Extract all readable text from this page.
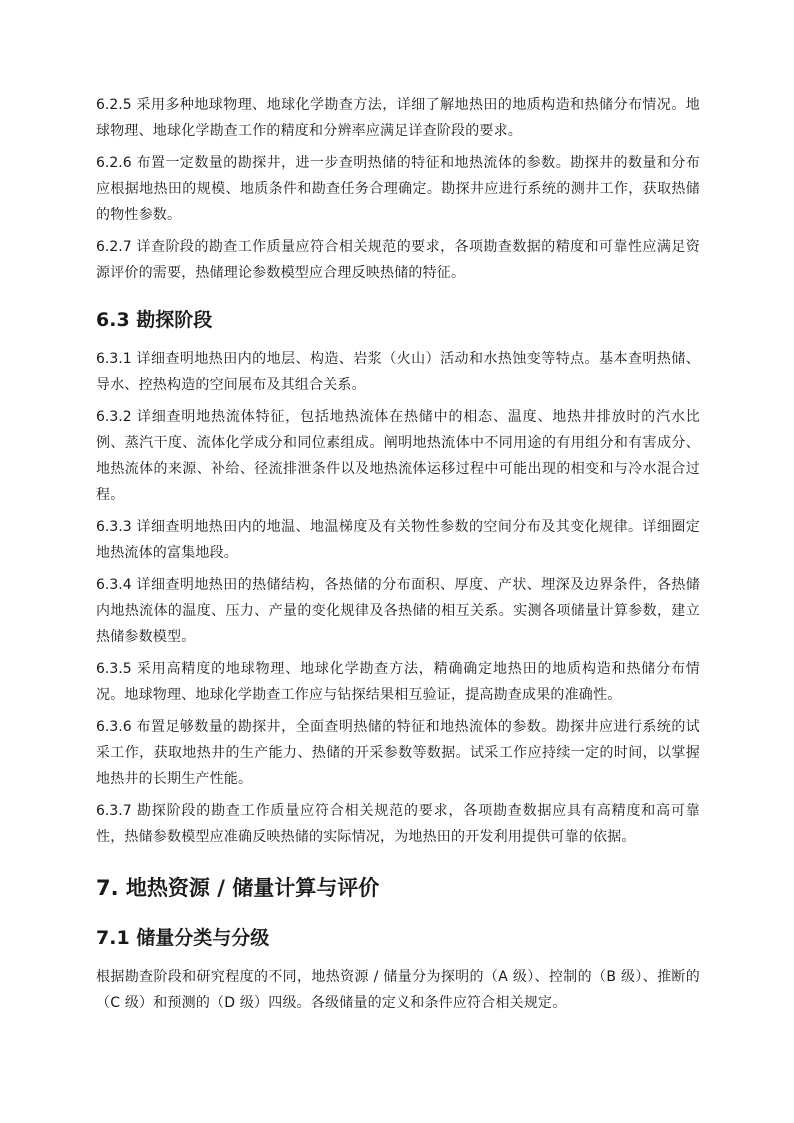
6.2.5 采用多种地球物理、地球化学勘查方法，详细了解地热田的地质构造和热储分布情况。地球物理、地球化学勘查工作的精度和分辨率应满足详查阶段的要求。

6.2.6 布置一定数量的勘探井，进一步查明热储的特征和地热流体的参数。勘探井的数量和分布应根据地热田的规模、地质条件和勘查任务合理确定。勘探井应进行系统的测井工作，获取热储的物性参数。

6.2.7 详查阶段的勘查工作质量应符合相关规范的要求，各项勘查数据的精度和可靠性应满足资源评价的需要，热储理论参数模型应合理反映热储的特征。

6.3 勘探阶段

6.3.1 详细查明地热田内的地层、构造、岩浆（火山）活动和水热蚀变等特点。基本查明热储、导水、控热构造的空间展布及其组合关系。

6.3.2 详细查明地热流体特征，包括地热流体在热储中的相态、温度、地热井排放时的汽水比例、蒸汽干度、流体化学成分和同位素组成。阐明地热流体中不同用途的有用组分和有害成分、地热流体的来源、补给、径流排泄条件以及地热流体运移过程中可能出现的相变和与冷水混合过程。

6.3.3 详细查明地热田内的地温、地温梯度及有关物性参数的空间分布及其变化规律。详细圈定地热流体的富集地段。

6.3.4 详细查明地热田的热储结构，各热储的分布面积、厚度、产状、埋深及边界条件，各热储内地热流体的温度、压力、产量的变化规律及各热储的相互关系。实测各项储量计算参数，建立热储参数模型。

6.3.5 采用高精度的地球物理、地球化学勘查方法，精确确定地热田的地质构造和热储分布情况。地球物理、地球化学勘查工作应与钻探结果相互验证，提高勘查成果的准确性。

6.3.6 布置足够数量的勘探井，全面查明热储的特征和地热流体的参数。勘探井应进行系统的试采工作，获取地热井的生产能力、热储的开采参数等数据。试采工作应持续一定的时间，以掌握地热井的长期生产性能。

6.3.7 勘探阶段的勘查工作质量应符合相关规范的要求，各项勘查数据应具有高精度和高可靠性，热储参数模型应准确反映热储的实际情况，为地热田的开发利用提供可靠的依据。

7. 地热资源 / 储量计算与评价
7.1 储量分类与分级

根据勘查阶段和研究程度的不同，地热资源 / 储量分为探明的（A 级）、控制的（B 级）、推断的（C 级）和预测的（D 级）四级。各级储量的定义和条件应符合相关规定。
